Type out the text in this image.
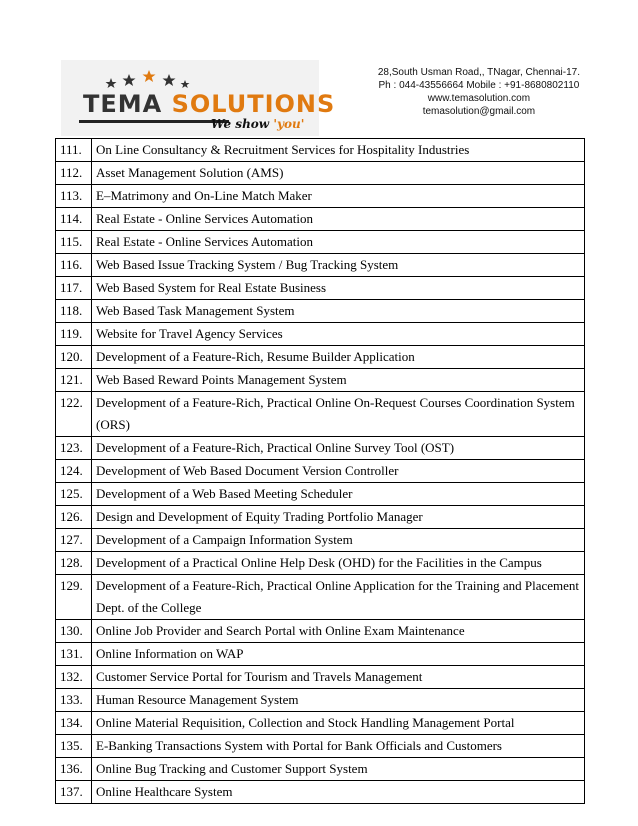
TEMA SOLUTIONS
We show 'you'
28,South Usman Road,, TNagar, Chennai-17.
Ph : 044-43556664 Mobile : +91-8680802110
www.temasolution.com
temasolution@gmail.com
111.	On Line Consultancy & Recruitment Services for Hospitality Industries
112.	Asset Management Solution (AMS)
113.	E–Matrimony and On-Line Match Maker
114.	Real Estate - Online Services Automation
115.	Real Estate - Online Services Automation
116.	Web Based Issue Tracking System / Bug Tracking System
117.	Web Based System for Real Estate Business
118.	Web Based Task Management System
119.	Website for Travel Agency Services
120.	Development of a Feature-Rich, Resume Builder Application
121.	Web Based Reward Points Management System
122.	Development of a Feature-Rich, Practical Online On-Request Courses Coordination System (ORS)
123.	Development of a Feature-Rich, Practical Online Survey Tool (OST)
124.	Development of Web Based Document Version Controller
125.	Development of a Web Based Meeting Scheduler
126.	Design and Development of Equity Trading Portfolio Manager
127.	Development of a Campaign Information System
128.	Development of a Practical Online Help Desk (OHD) for the Facilities in the Campus
129.	Development of a Feature-Rich, Practical Online Application for the Training and Placement Dept. of the College
130.	Online Job Provider and Search Portal with Online Exam Maintenance
131.	Online Information on WAP
132.	Customer Service Portal for Tourism and Travels Management
133.	Human Resource Management System
134.	Online Material Requisition, Collection and Stock Handling Management Portal
135.	E-Banking Transactions System with Portal for Bank Officials and Customers
136.	Online Bug Tracking and Customer Support System
137.	Online Healthcare System
